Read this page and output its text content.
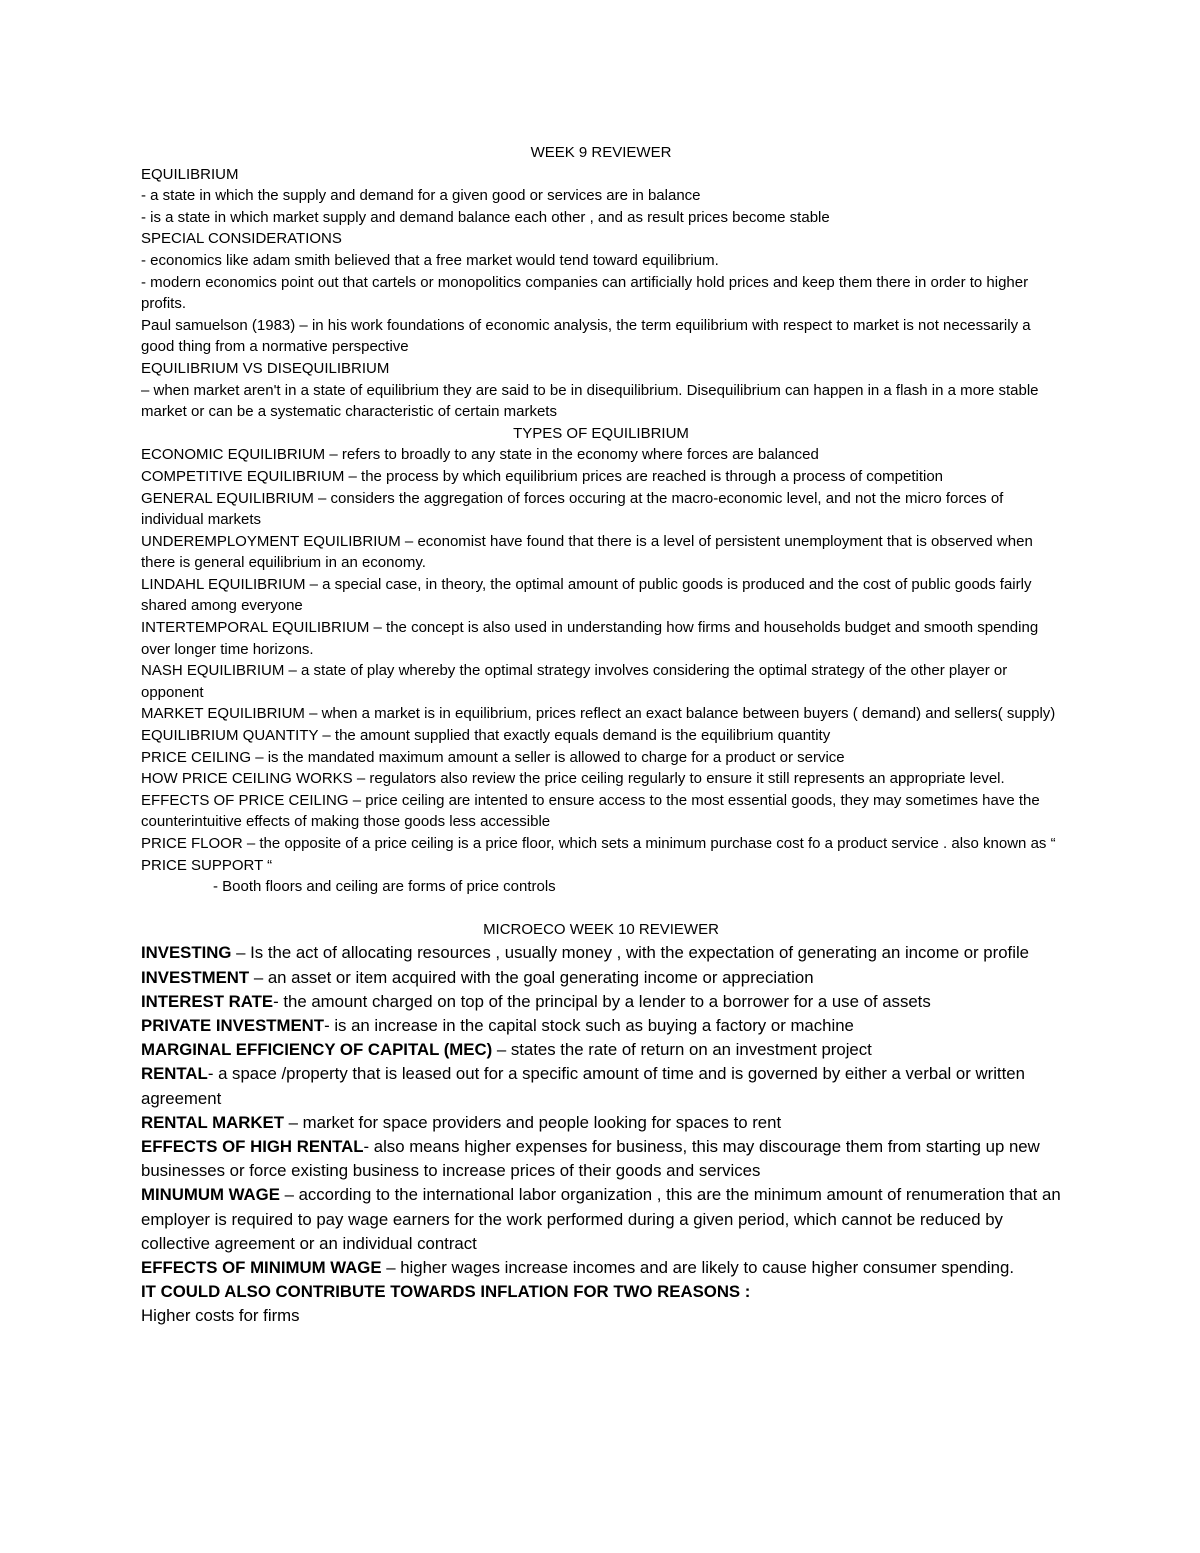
WEEK 9 REVIEWER

EQUILIBRIUM

- a state in which the supply and demand for a given good or services are in balance

- is a state in which market supply and demand balance each other , and as result prices become stable

SPECIAL CONSIDERATIONS

- economics like adam smith believed that a free market would tend toward equilibrium.

- modern economics point out that cartels or monopolitics companies can artificially hold prices and keep them there in order to higher profits.

Paul samuelson (1983) – in his work foundations of economic analysis, the term equilibrium with respect to market is not necessarily a good thing from a normative perspective

EQUILIBRIUM VS DISEQUILIBRIUM

– when market aren't in a state of equilibrium they are said to be in disequilibrium. Disequilibrium can happen in a flash in a more stable market or can be a systematic characteristic of certain markets

TYPES OF EQUILIBRIUM

ECONOMIC EQUILIBRIUM – refers to broadly to any state in the economy where forces are balanced

COMPETITIVE EQUILIBRIUM – the process by which equilibrium prices are reached is through a process of competition

GENERAL EQUILIBRIUM – considers the aggregation of forces occuring at the macro-economic level, and not the micro forces of individual markets

UNDEREMPLOYMENT EQUILIBRIUM – economist have found that there is a level of persistent unemployment that is observed when there is general equilibrium in an economy.

LINDAHL EQUILIBRIUM – a special case, in theory, the optimal amount of public goods is produced and the cost of public goods fairly shared among everyone

INTERTEMPORAL EQUILIBRIUM – the concept is also used in understanding how firms and households budget and smooth spending over longer time horizons.

NASH EQUILIBRIUM – a state of play whereby the optimal strategy involves considering the optimal strategy of the other player or opponent

MARKET EQUILIBRIUM – when a market is in equilibrium, prices reflect an exact balance between buyers ( demand) and sellers( supply)

EQUILIBRIUM QUANTITY – the amount supplied that exactly equals demand is the equilibrium quantity

PRICE CEILING – is the mandated maximum amount a seller is allowed to charge for a product or service

HOW PRICE CEILING WORKS – regulators also review the price ceiling regularly to ensure it still represents an appropriate level.

EFFECTS OF PRICE CEILING – price ceiling are intented to ensure access to the most essential goods, they may sometimes have the counterintuitive effects of making those goods less accessible

PRICE FLOOR – the opposite of a price ceiling is a price floor, which sets a minimum purchase cost fo a product service . also known as “ PRICE SUPPORT “

- Booth floors and ceiling are forms of price controls

MICROECO WEEK 10 REVIEWER

INVESTING – Is the act of allocating resources , usually money , with the expectation of generating an income or profile

INVESTMENT – an asset or item acquired with the goal generating income or appreciation

INTEREST RATE- the amount charged on top of the principal by a lender to a borrower for a use of assets

PRIVATE INVESTMENT- is an increase in the capital stock such as buying a factory or machine

MARGINAL EFFICIENCY OF CAPITAL (MEC) – states the rate of return on an investment project

RENTAL- a space /property that is leased out for a specific amount of time and is governed by either a verbal or written agreement

RENTAL MARKET – market for space providers and people looking for spaces to rent

EFFECTS OF HIGH RENTAL- also means higher expenses for business, this may discourage them from starting up new businesses or force existing business to increase prices of their goods and services

MINUMUM WAGE – according to the international labor organization , this are the minimum amount of renumeration that an employer is required to pay wage earners for the work performed during a given period, which cannot be reduced by collective agreement or an individual contract

EFFECTS OF MINIMUM WAGE – higher wages increase incomes and are likely to cause higher consumer spending.

IT COULD ALSO CONTRIBUTE TOWARDS INFLATION FOR TWO REASONS :

Higher costs for firms
